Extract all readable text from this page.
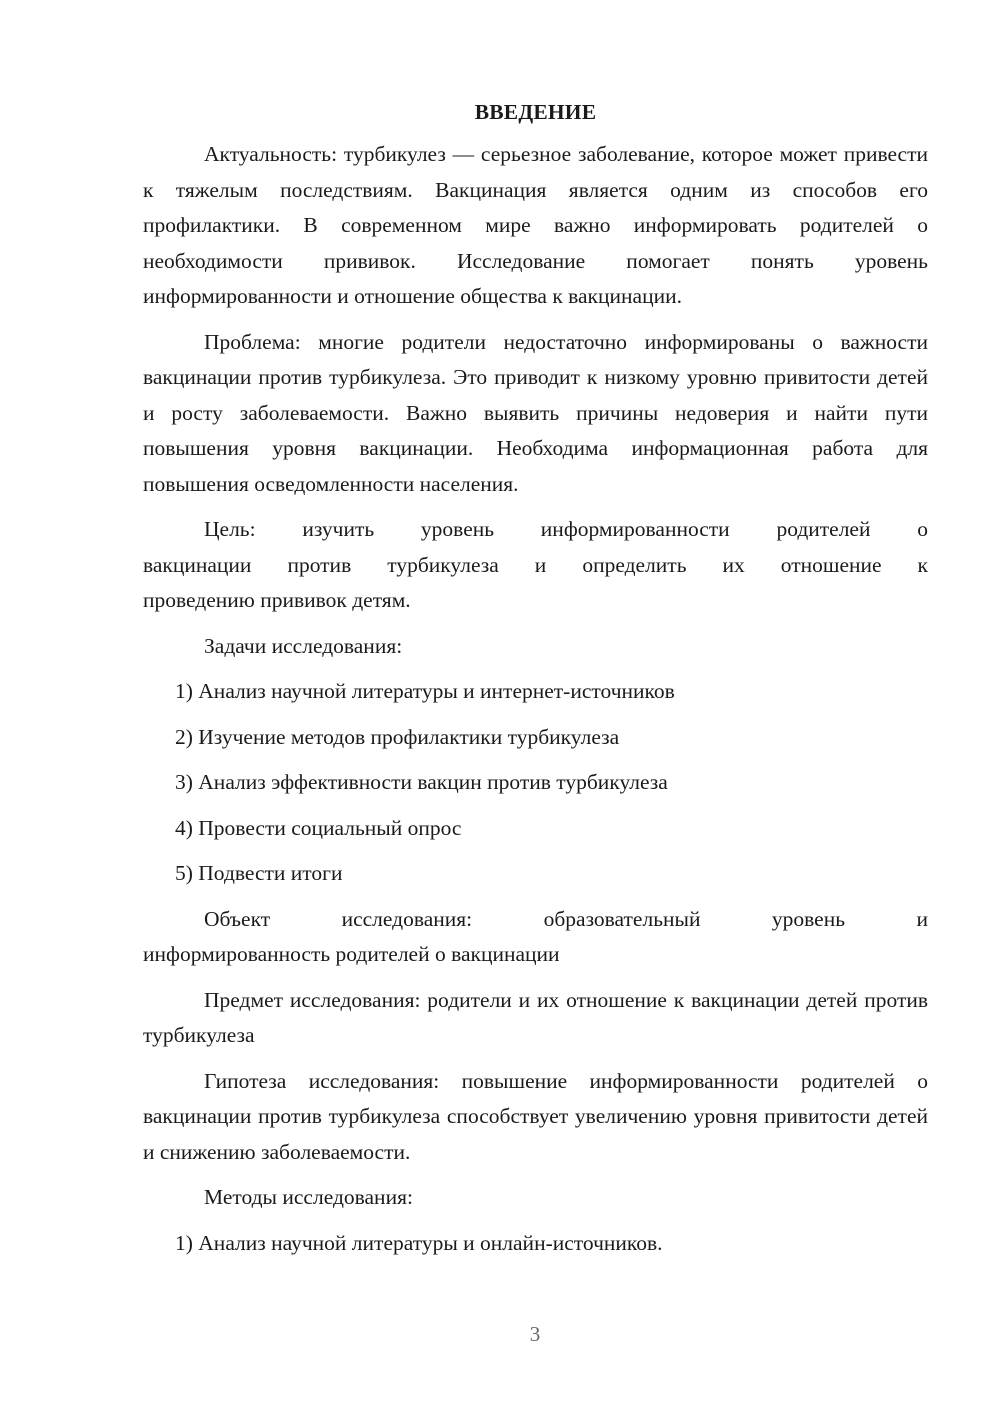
ВВЕДЕНИЕ

Актуальность: турбикулез — серьезное заболевание, которое может привести к тяжелым последствиям. Вакцинация является одним из способов его профилактики. В современном мире важно информировать родителей о необходимости прививок. Исследование помогает понять уровень информированности и отношение общества к вакцинации.

Проблема: многие родители недостаточно информированы о важности вакцинации против турбикулеза. Это приводит к низкому уровню привитости детей и росту заболеваемости. Важно выявить причины недоверия и найти пути повышения уровня вакцинации. Необходима информационная работа для повышения осведомленности населения.

Цель: изучить уровень информированности родителей о
вакцинации против турбикулеза и определить их отношение к
проведению прививок детям.

Задачи исследования:

1) Анализ научной литературы и интернет-источников
2) Изучение методов профилактики турбикулеза
3) Анализ эффективности вакцин против турбикулеза
4) Провести социальный опрос
5) Подвести итоги

Объект исследования: образовательный уровень и
информированность родителей о вакцинации

Предмет исследования: родители и их отношение к вакцинации детей против турбикулеза

Гипотеза исследования: повышение информированности родителей о вакцинации против турбикулеза способствует увеличению уровня привитости детей и снижению заболеваемости.

Методы исследования:

1) Анализ научной литературы и онлайн-источников.
3
